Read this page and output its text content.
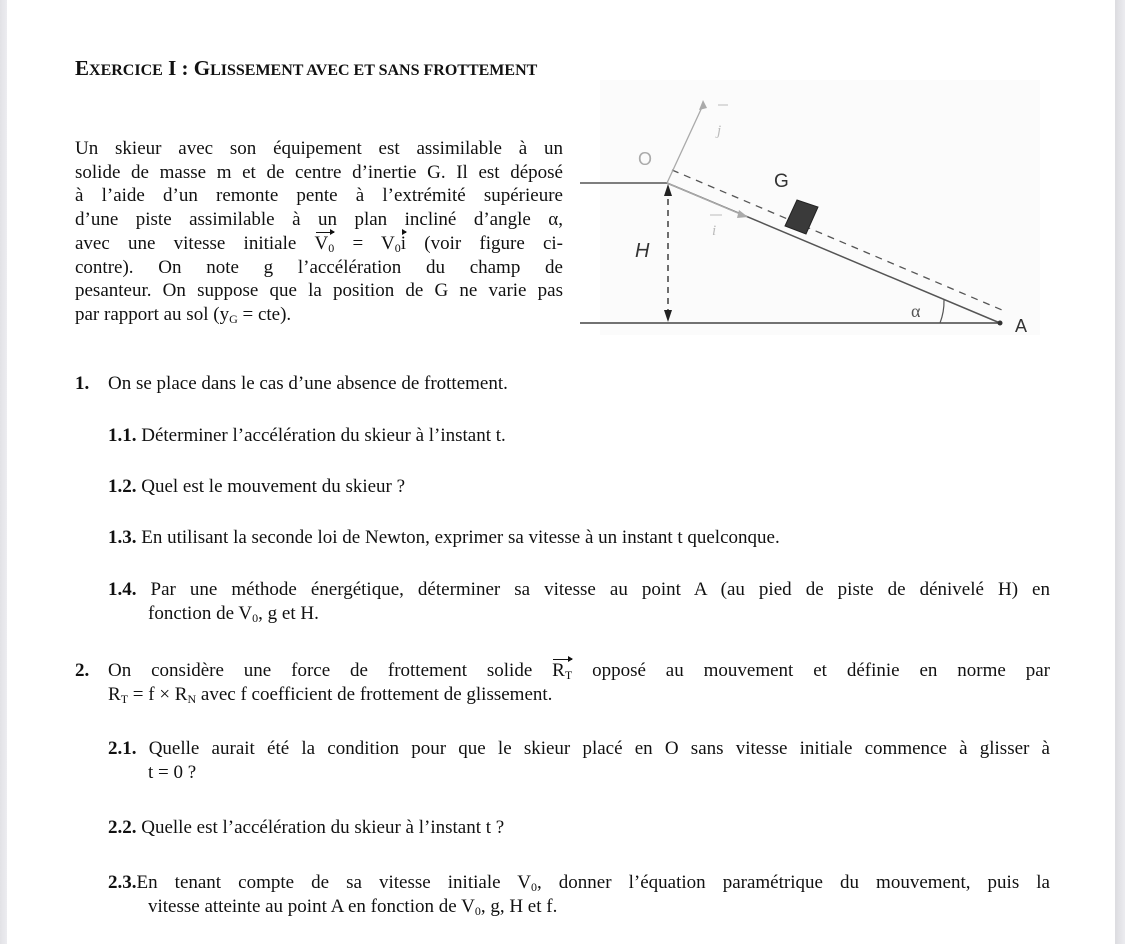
EXERCICE I : GLISSEMENT AVEC ET SANS FROTTEMENT
Un skieur avec son équipement est assimilable à un
solide de masse m et de centre d’inertie G. Il est déposé
à l’aide d’un remonte pente à l’extrémité supérieure
d’une piste assimilable à un plan incliné d’angle α,
avec une vitesse initiale $V_0 = V_0i$ (voir figure ci-
contre). On note g l’accélération du champ de
pesanteur. On suppose que la position de G ne varie pas
par rapport au sol $(y_G = cte)$.
O
G
H
α
A
i
j
1. On se place dans le cas d’une absence de frottement.
1.1. Déterminer l’accélération du skieur à l’instant t.
1.2. Quel est le mouvement du skieur ?
1.3. En utilisant la seconde loi de Newton, exprimer sa vitesse à un instant t quelconque.
1.4. Par une méthode énergétique, déterminer sa vitesse au point A (au pied de piste de dénivelé H) en
fonction de $V_0$, g et H.
2. On considère une force de frottement solide $R_T$ opposé au mouvement et définie en norme par
$R_T = f \times R_N$ avec f coefficient de frottement de glissement.
2.1. Quelle aurait été la condition pour que le skieur placé en O sans vitesse initiale commence à glisser à
t = 0 ?
2.2. Quelle est l’accélération du skieur à l’instant t ?
2.3.En tenant compte de sa vitesse initiale $V_0$, donner l’équation paramétrique du mouvement, puis la
vitesse atteinte au point A en fonction de $V_0$, g, H et f.
